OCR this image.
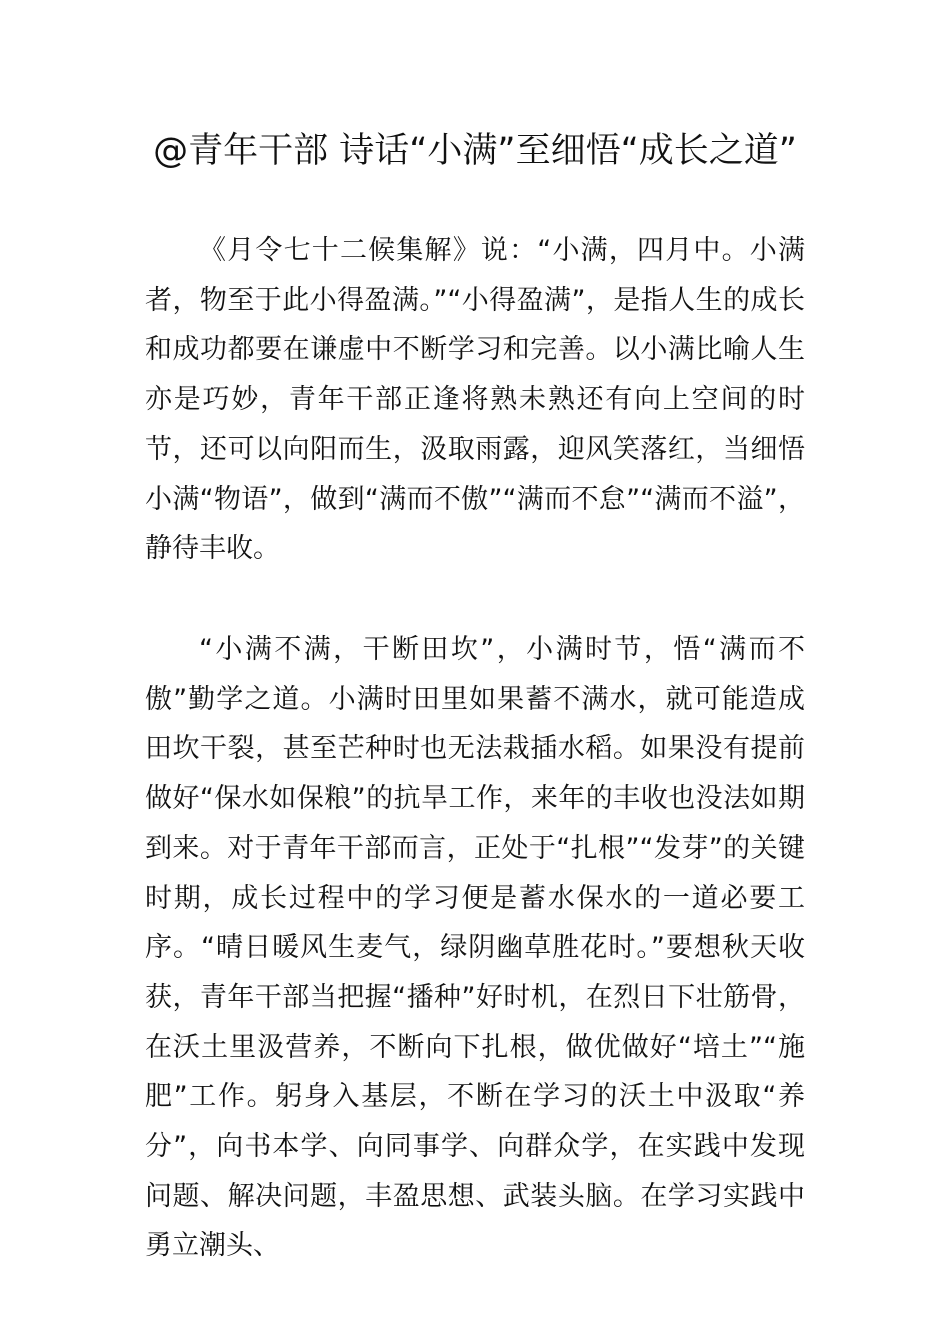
@青年干部 诗话“小满”至细悟“成长之道”

《月令七十二候集解》说：“小满，四月中。小满者，物至于此小得盈满。”“小得盈满”，是指人生的成长和成功都要在谦虚中不断学习和完善。以小满比喻人生亦是巧妙，青年干部正逢将熟未熟还有向上空间的时节，还可以向阳而生，汲取雨露，迎风笑落红，当细悟小满“物语”，做到“满而不傲”“满而不怠”“满而不溢”，静待丰收。

“小满不满，干断田坎”，小满时节，悟“满而不傲”勤学之道。小满时田里如果蓄不满水，就可能造成田坎干裂，甚至芒种时也无法栽插水稻。如果没有提前做好“保水如保粮”的抗旱工作，来年的丰收也没法如期到来。对于青年干部而言，正处于“扎根”“发芽”的关键时期，成长过程中的学习便是蓄水保水的一道必要工序。“晴日暖风生麦气，绿阴幽草胜花时。”要想秋天收获，青年干部当把握“播种”好时机，在烈日下壮筋骨，在沃土里汲营养，不断向下扎根，做优做好“培土”“施肥”工作。躬身入基层，不断在学习的沃土中汲取“养分”，向书本学、向同事学、向群众学，在实践中发现问题、解决问题，丰盈思想、武装头脑。在学习实践中勇立潮头、
